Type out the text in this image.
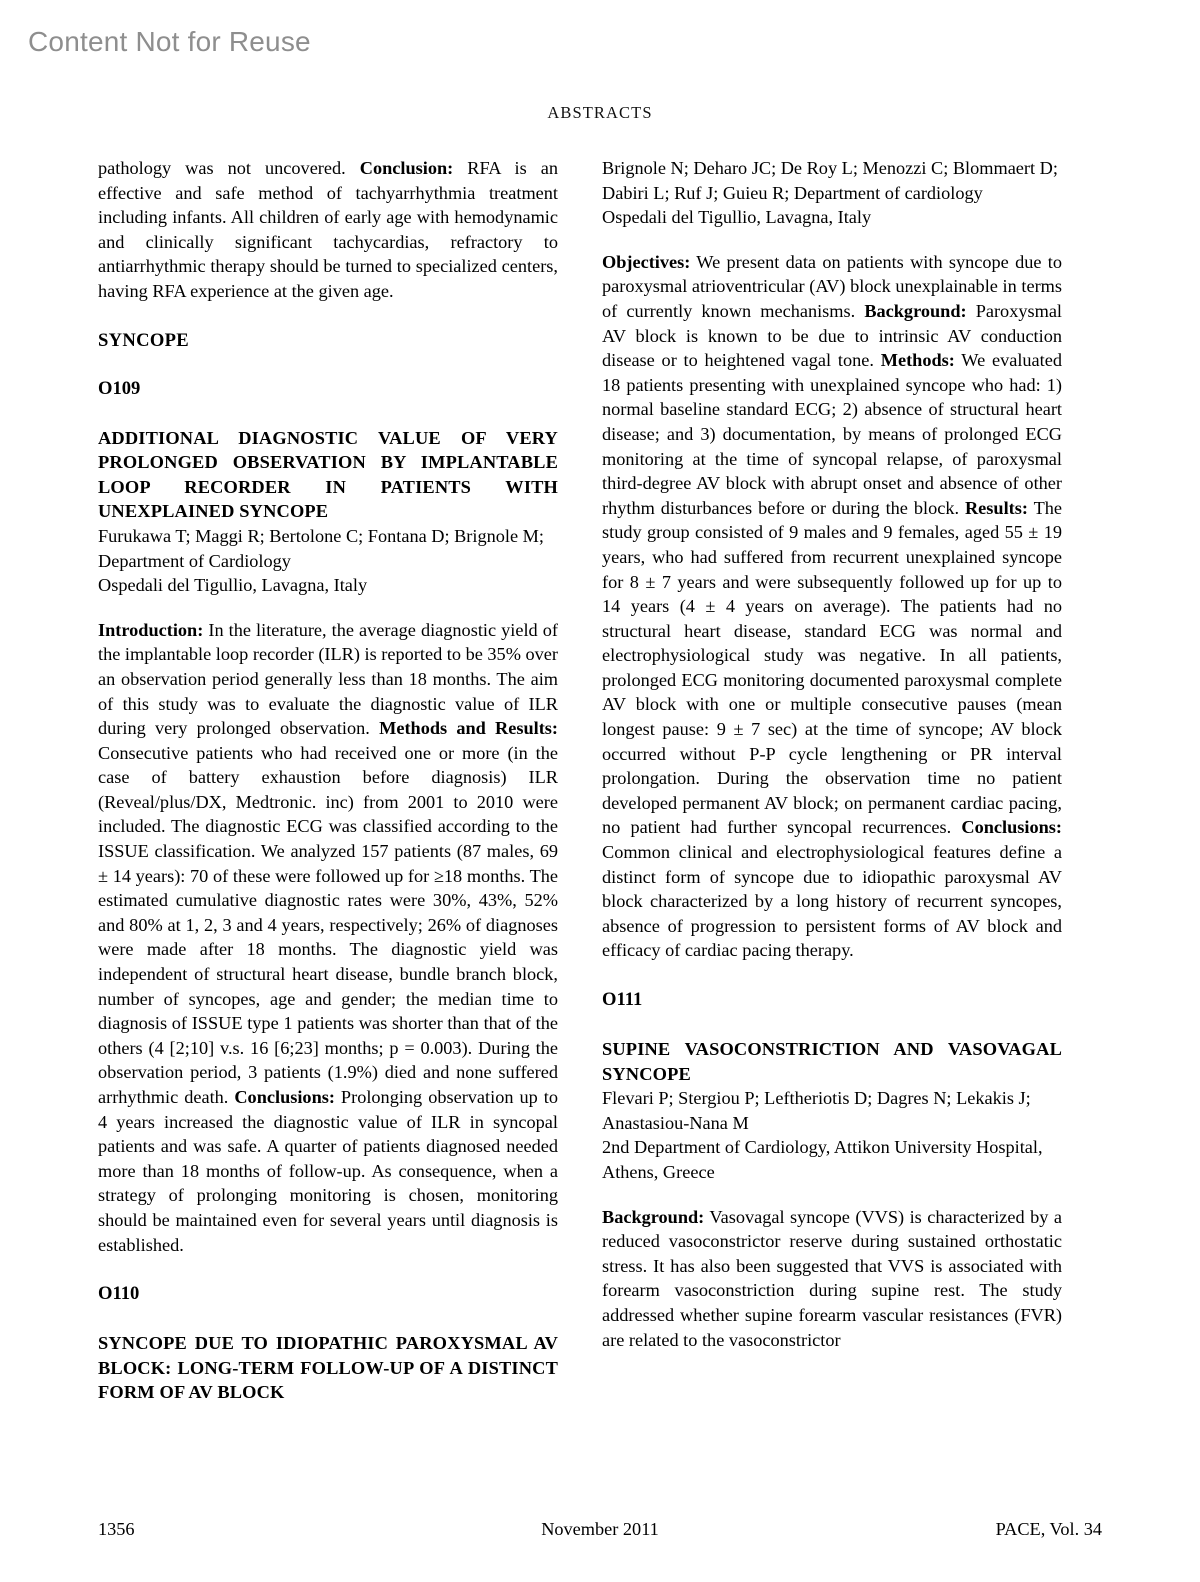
Content Not for Reuse
ABSTRACTS

pathology was not uncovered. Conclusion: RFA is an effective and safe method of tachyarrhythmia treatment including infants. All children of early age with hemodynamic and clinically significant tachycardias, refractory to antiarrhythmic therapy should be turned to specialized centers, having RFA experience at the given age.

SYNCOPE
O109
ADDITIONAL DIAGNOSTIC VALUE OF VERY PROLONGED OBSERVATION BY IMPLANTABLE LOOP RECORDER IN PATIENTS WITH UNEXPLAINED SYNCOPE

Furukawa T; Maggi R; Bertolone C; Fontana D; Brignole M; Department of Cardiology

Ospedali del Tigullio, Lavagna, Italy

Introduction: In the literature, the average diagnostic yield of the implantable loop recorder (ILR) is reported to be 35% over an observation period generally less than 18 months. The aim of this study was to evaluate the diagnostic value of ILR during very prolonged observation. Methods and Results: Consecutive patients who had received one or more (in the case of battery exhaustion before diagnosis) ILR (Reveal/plus/DX, Medtronic. inc) from 2001 to 2010 were included. The diagnostic ECG was classified according to the ISSUE classification. We analyzed 157 patients (87 males, 69 ± 14 years): 70 of these were followed up for ≥18 months. The estimated cumulative diagnostic rates were 30%, 43%, 52% and 80% at 1, 2, 3 and 4 years, respectively; 26% of diagnoses were made after 18 months. The diagnostic yield was independent of structural heart disease, bundle branch block, number of syncopes, age and gender; the median time to diagnosis of ISSUE type 1 patients was shorter than that of the others (4 [2;10] v.s. 16 [6;23] months; p = 0.003). During the observation period, 3 patients (1.9%) died and none suffered arrhythmic death. Conclusions: Prolonging observation up to 4 years increased the diagnostic value of ILR in syncopal patients and was safe. A quarter of patients diagnosed needed more than 18 months of follow-up. As consequence, when a strategy of prolonging monitoring is chosen, monitoring should be maintained even for several years until diagnosis is established.

O110
SYNCOPE DUE TO IDIOPATHIC PAROXYSMAL AV BLOCK: LONG-TERM FOLLOW-UP OF A DISTINCT FORM OF AV BLOCK

Brignole N; Deharo JC; De Roy L; Menozzi C; Blommaert D; Dabiri L; Ruf J; Guieu R; Department of cardiology

Ospedali del Tigullio, Lavagna, Italy

Objectives: We present data on patients with syncope due to paroxysmal atrioventricular (AV) block unexplainable in terms of currently known mechanisms. Background: Paroxysmal AV block is known to be due to intrinsic AV conduction disease or to heightened vagal tone. Methods: We evaluated 18 patients presenting with unexplained syncope who had: 1) normal baseline standard ECG; 2) absence of structural heart disease; and 3) documentation, by means of prolonged ECG monitoring at the time of syncopal relapse, of paroxysmal third-degree AV block with abrupt onset and absence of other rhythm disturbances before or during the block. Results: The study group consisted of 9 males and 9 females, aged 55 ± 19 years, who had suffered from recurrent unexplained syncope for 8 ± 7 years and were subsequently followed up for up to 14 years (4 ± 4 years on average). The patients had no structural heart disease, standard ECG was normal and electrophysiological study was negative. In all patients, prolonged ECG monitoring documented paroxysmal complete AV block with one or multiple consecutive pauses (mean longest pause: 9 ± 7 sec) at the time of syncope; AV block occurred without P-P cycle lengthening or PR interval prolongation. During the observation time no patient developed permanent AV block; on permanent cardiac pacing, no patient had further syncopal recurrences. Conclusions: Common clinical and electrophysiological features define a distinct form of syncope due to idiopathic paroxysmal AV block characterized by a long history of recurrent syncopes, absence of progression to persistent forms of AV block and efficacy of cardiac pacing therapy.

O111
SUPINE VASOCONSTRICTION AND VASOVAGAL SYNCOPE

Flevari P; Stergiou P; Leftheriotis D; Dagres N; Lekakis J; Anastasiou-Nana M

2nd Department of Cardiology, Attikon University Hospital, Athens, Greece

Background: Vasovagal syncope (VVS) is characterized by a reduced vasoconstrictor reserve during sustained orthostatic stress. It has also been suggested that VVS is associated with forearm vasoconstriction during supine rest. The study addressed whether supine forearm vascular resistances (FVR) are related to the vasoconstrictor

1356	November 2011	PACE, Vol. 34
